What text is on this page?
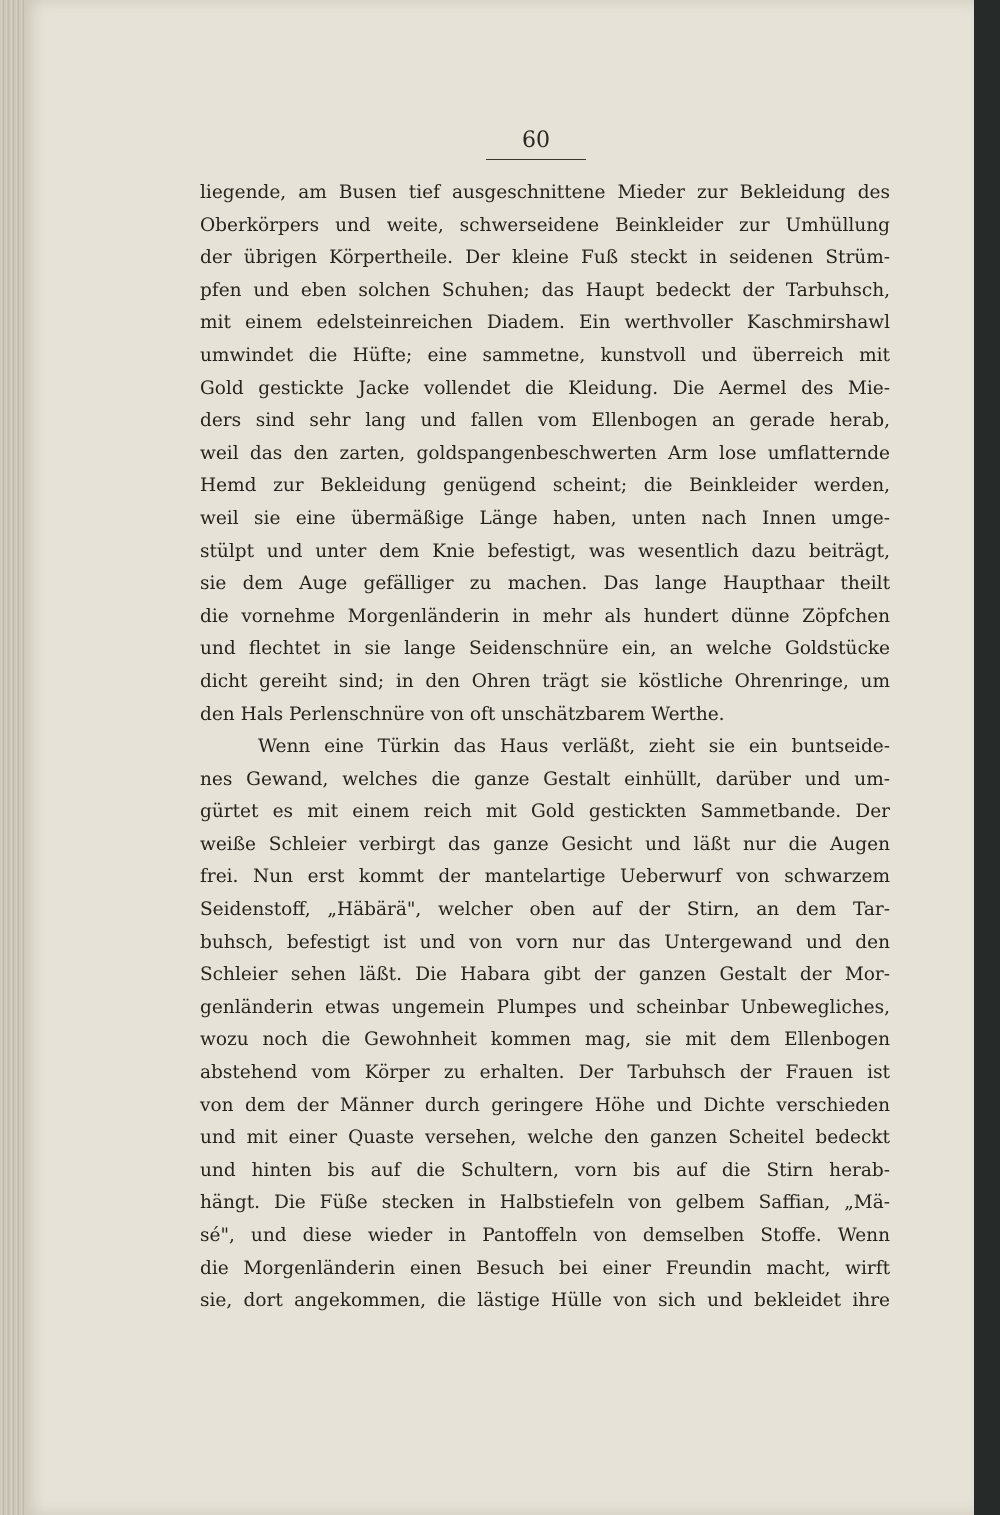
60
liegende, am Busen tief ausgeschnittene Mieder zur Bekleidung des
Oberkörpers und weite, schwerseidene Beinkleider zur Umhüllung
der übrigen Körpertheile. Der kleine Fuß steckt in seidenen Strüm-
pfen und eben solchen Schuhen; das Haupt bedeckt der Tarbuhsch,
mit einem edelsteinreichen Diadem. Ein werthvoller Kaschmirshawl
umwindet die Hüfte; eine sammetne, kunstvoll und überreich mit
Gold gestickte Jacke vollendet die Kleidung. Die Aermel des Mie-
ders sind sehr lang und fallen vom Ellenbogen an gerade herab,
weil das den zarten, goldspangenbeschwerten Arm lose umflatternde
Hemd zur Bekleidung genügend scheint; die Beinkleider werden,
weil sie eine übermäßige Länge haben, unten nach Innen umge-
stülpt und unter dem Knie befestigt, was wesentlich dazu beiträgt,
sie dem Auge gefälliger zu machen. Das lange Haupthaar theilt
die vornehme Morgenländerin in mehr als hundert dünne Zöpfchen
und flechtet in sie lange Seidenschnüre ein, an welche Goldstücke
dicht gereiht sind; in den Ohren trägt sie köstliche Ohrenringe, um
den Hals Perlenschnüre von oft unschätzbarem Werthe.
Wenn eine Türkin das Haus verläßt, zieht sie ein buntseide-
nes Gewand, welches die ganze Gestalt einhüllt, darüber und um-
gürtet es mit einem reich mit Gold gestickten Sammetbande. Der
weiße Schleier verbirgt das ganze Gesicht und läßt nur die Augen
frei. Nun erst kommt der mantelartige Ueberwurf von schwarzem
Seidenstoff, „Häbärä", welcher oben auf der Stirn, an dem Tar-
buhsch, befestigt ist und von vorn nur das Untergewand und den
Schleier sehen läßt. Die Habara gibt der ganzen Gestalt der Mor-
genländerin etwas ungemein Plumpes und scheinbar Unbewegliches,
wozu noch die Gewohnheit kommen mag, sie mit dem Ellenbogen
abstehend vom Körper zu erhalten. Der Tarbuhsch der Frauen ist
von dem der Männer durch geringere Höhe und Dichte verschieden
und mit einer Quaste versehen, welche den ganzen Scheitel bedeckt
und hinten bis auf die Schultern, vorn bis auf die Stirn herab-
hängt. Die Füße stecken in Halbstiefeln von gelbem Saffian, „Mä-
sé", und diese wieder in Pantoffeln von demselben Stoffe. Wenn
die Morgenländerin einen Besuch bei einer Freundin macht, wirft
sie, dort angekommen, die lästige Hülle von sich und bekleidet ihre
